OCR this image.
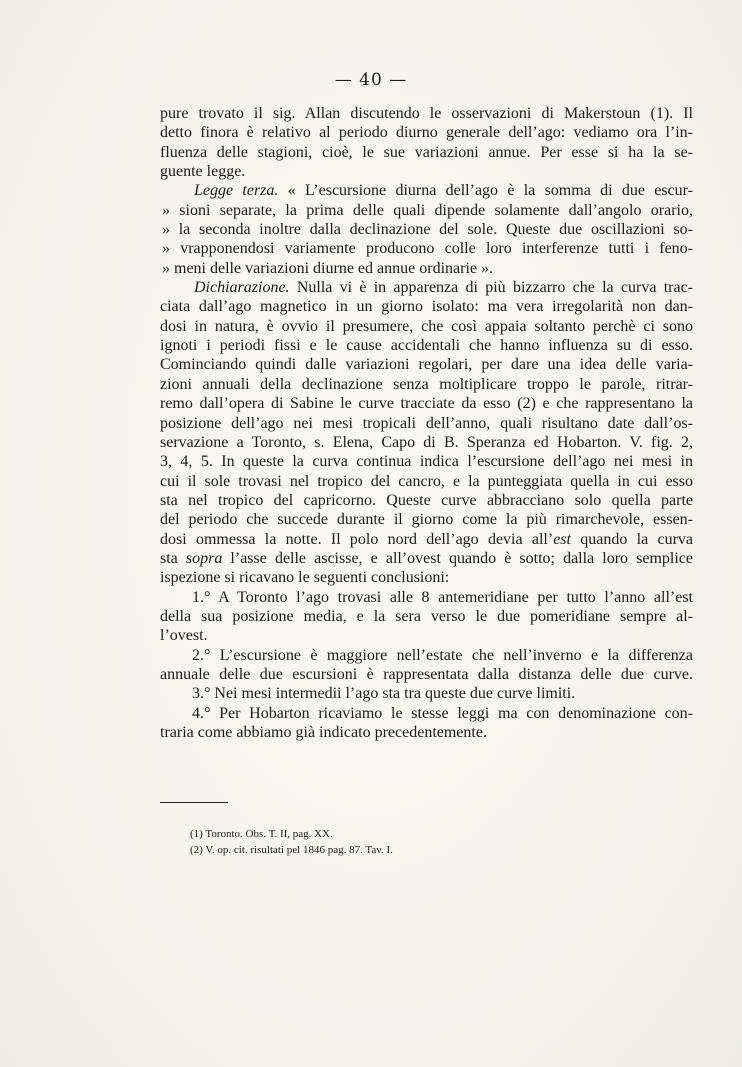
— 40 —
pure trovato il sig. Allan discutendo le osservazioni di Makerstoun (1). Il
detto finora è relativo al periodo diurno generale dell’ago: vediamo ora l’in-
fluenza delle stagioni, cioè, le sue variazioni annue. Per esse si ha la se-
guente legge.
Legge terza. « L’escursione diurna dell’ago è la somma di due escur-
» sioni separate, la prima delle quali dipende solamente dall’angolo orario,
» la seconda inoltre dalla declinazione del sole. Queste due oscillazioni so-
» vrapponendosi variamente producono colle loro interferenze tutti i feno-
» meni delle variazioni diurne ed annue ordinarie ».
Dichiarazione. Nulla vi è in apparenza di più bizzarro che la curva trac-
ciata dall’ago magnetico in un giorno isolato: ma vera irregolarità non dan-
dosi in natura, è ovvio il presumere, che così appaia soltanto perchè ci sono
ignoti i periodi fissi e le cause accidentali che hanno influenza su di esso.
Cominciando quindi dalle variazioni regolari, per dare una idea delle varia-
zioni annuali della declinazione senza moltiplicare troppo le parole, ritrar-
remo dall’opera di Sabine le curve tracciate da esso (2) e che rappresentano la
posizione dell’ago nei mesi tropicali dell’anno, quali risultano date dall’os-
servazione a Toronto, s. Elena, Capo di B. Speranza ed Hobarton. V. fig. 2,
3, 4, 5. In queste la curva continua indica l’escursione dell’ago nei mesi in
cui il sole trovasi nel tropico del cancro, e la punteggiata quella in cui esso
sta nel tropico del capricorno. Queste curve abbracciano solo quella parte
del periodo che succede durante il giorno come la più rimarchevole, essen-
dosi ommessa la notte. Il polo nord dell’ago devia all’est quando la curva
sta sopra l’asse delle ascisse, e all’ovest quando è sotto; dalla loro semplice
ispezione si ricavano le seguenti conclusioni:
1.° A Toronto l’ago trovasi alle 8 antemeridiane per tutto l’anno all’est
della sua posizione media, e la sera verso le due pomeridiane sempre al-
l’ovest.
2.° L’escursione è maggiore nell’estate che nell’inverno e la differenza
annuale delle due escursioni è rappresentata dalla distanza delle due curve.
3.° Nei mesi intermedii l’ago sta tra queste due curve limiti.
4.° Per Hobarton ricaviamo le stesse leggi ma con denominazione con-
traria come abbiamo già indicato precedentemente.
(1) Toronto. Obs. T. II, pag. XX.
(2) V. op. cit. risultati pel 1846 pag. 87. Tav. I.
